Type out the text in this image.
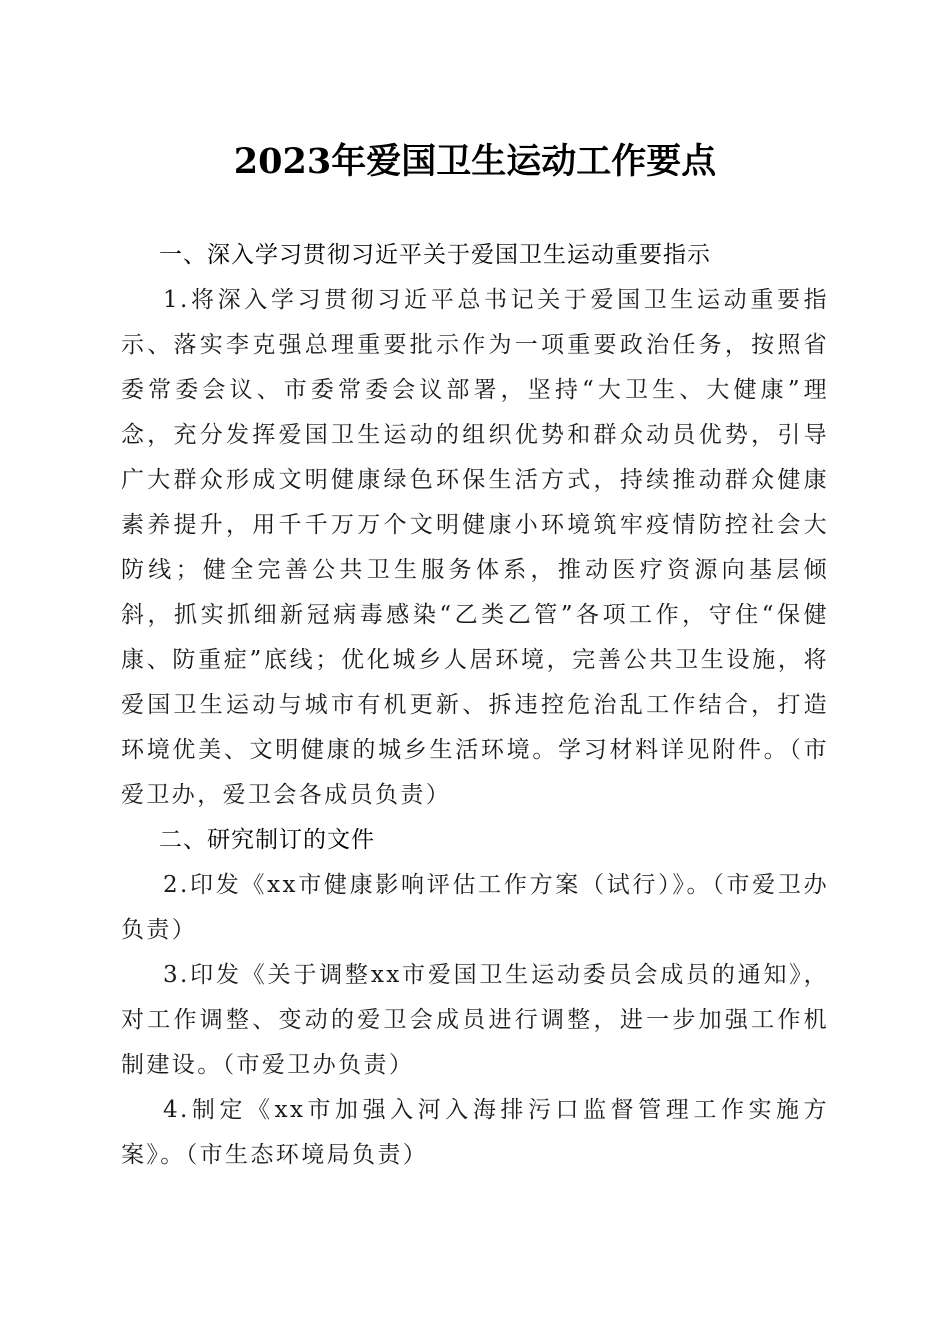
2023年爱国卫生运动工作要点

一、深入学习贯彻习近平关于爱国卫生运动重要指示

1.将深入学习贯彻习近平总书记关于爱国卫生运动重要指示、落实李克强总理重要批示作为一项重要政治任务，按照省委常委会议、市委常委会议部署，坚持“大卫生、大健康”理念，充分发挥爱国卫生运动的组织优势和群众动员优势，引导广大群众形成文明健康绿色环保生活方式，持续推动群众健康素养提升，用千千万万个文明健康小环境筑牢疫情防控社会大防线；健全完善公共卫生服务体系，推动医疗资源向基层倾斜，抓实抓细新冠病毒感染“乙类乙管”各项工作，守住“保健康、防重症”底线；优化城乡人居环境，完善公共卫生设施，将爱国卫生运动与城市有机更新、拆违控危治乱工作结合，打造环境优美、文明健康的城乡生活环境。学习材料详见附件。（市爱卫办，爱卫会各成员负责）

二、研究制订的文件

2.印发《xx市健康影响评估工作方案（试行）》。（市爱卫办负责）

3.印发《关于调整xx市爱国卫生运动委员会成员的通知》，对工作调整、变动的爱卫会成员进行调整，进一步加强工作机制建设。（市爱卫办负责）

4.制定《xx市加强入河入海排污口监督管理工作实施方案》。（市生态环境局负责）
